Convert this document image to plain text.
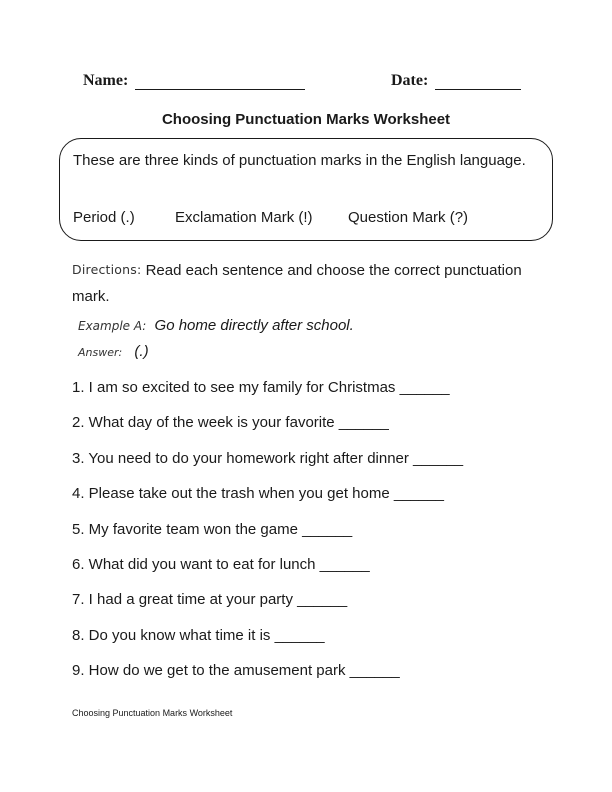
Name:	Date:
Choosing Punctuation Marks Worksheet
These are three kinds of punctuation marks in the English language.
Period (.)	Exclamation Mark (!) Question Mark (?)
Directions: Read each sentence and choose the correct punctuation mark.
Example A: Go home directly after school.
Answer: (.)
1. I am so excited to see my family for Christmas ______
2. What day of the week is your favorite ______
3. You need to do your homework right after dinner ______
4. Please take out the trash when you get home ______
5. My favorite team won the game ______
6. What did you want to eat for lunch ______
7. I had a great time at your party ______
8. Do you know what time it is ______
9. How do we get to the amusement park ______
Choosing Punctuation Marks Worksheet
